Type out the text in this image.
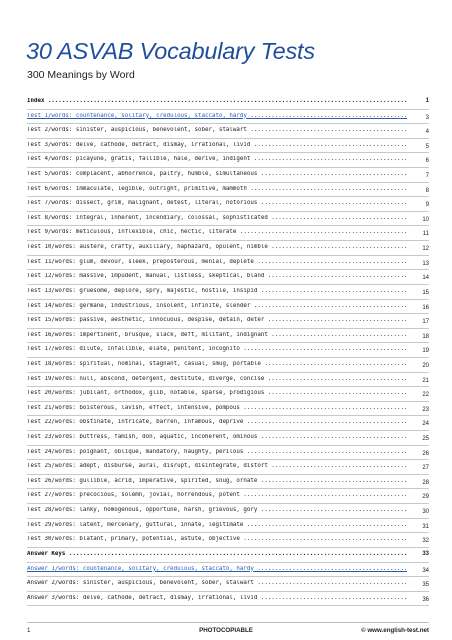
30 ASVAB Vocabulary Tests
300 Meanings by Word
Index .....	1
Test 1/words: countenance, solitary, credulous, staccato, hardy .....	3
Test 2/words: sinister, auspicious, benevolent, sober, stalwart .....	4
Test 3/words: delve, cathode, detract, dismay, irrational, livid .....	5
Test 4/words: picayune, gratis, fallible, hale, derive, indigent .....	6
Test 5/words: complacent, abhorrence, paltry, humble, simultaneous .....	7
Test 6/words: immaculate, legible, outright, primitive, mammoth .....	8
Test 7/words: dissect, grim, malignant, detest, literal, notorious .....	9
Test 8/words: integral, inherent, incendiary, colossal, sophisticated .....	10
Test 9/words: meticulous, inflexible, chic, hectic, literate .....	11
Test 10/words: austere, crafty, auxiliary, haphazard, opulent, nimble .....	12
Test 11/words: glum, devour, sleek, preposterous, menial, deplete .....	13
Test 12/words: massive, impudent, manual, listless, skeptical, bland .....	14
Test 13/words: gruesome, deplore, spry, majestic, hostile, insipid .....	15
Test 14/words: germane, industrious, insolent, infinite, slender .....	16
Test 15/words: passive, aesthetic, innocuous, despise, detain, deter .....	17
Test 16/words: impertinent, brusque, slack, deft, militant, indignant .....	18
Test 17/words: dilute, infallible, elate, penitent, incognito .....	19
Test 18/words: spiritual, nominal, stagnant, casual, smug, portable .....	20
Test 19/words: null, abscond, detergent, destitute, diverge, concise .....	21
Test 20/words: jubilant, orthodox, glib, notable, sparse, prodigious .....	22
Test 21/words: boisterous, lavish, effect, intensive, pompous .....	23
Test 22/words: obstinate, intricate, barren, infamous, deprive .....	24
Test 23/words: buttress, famish, don, aquatic, incoherent, ominous .....	25
Test 24/words: poignant, oblique, mandatory, haughty, perilous .....	26
Test 25/words: adept, disburse, aural, disrupt, disintegrate, distort .....	27
Test 26/words: gullible, acrid, imperative, spirited, snug, ornate .....	28
Test 27/words: precocious, solemn, jovial, horrendous, potent .....	29
Test 28/words: lanky, homogenous, opportune, harsh, grievous, gory .....	30
Test 29/words: latent, mercenary, guttural, innate, legitimate .....	31
Test 30/words: blatant, primary, potential, astute, objective .....	32
Answer Keys .....	33
Answer 1/words: countenance, solitary, credulous, staccato, hardy .....	34
Answer 2/words: sinister, auspicious, benevolent, sober, stalwart .....	35
Answer 3/words: delve, cathode, detract, dismay, irrational, livid .....	36
1	PHOTOCOPIABLE	© www.english-test.net
